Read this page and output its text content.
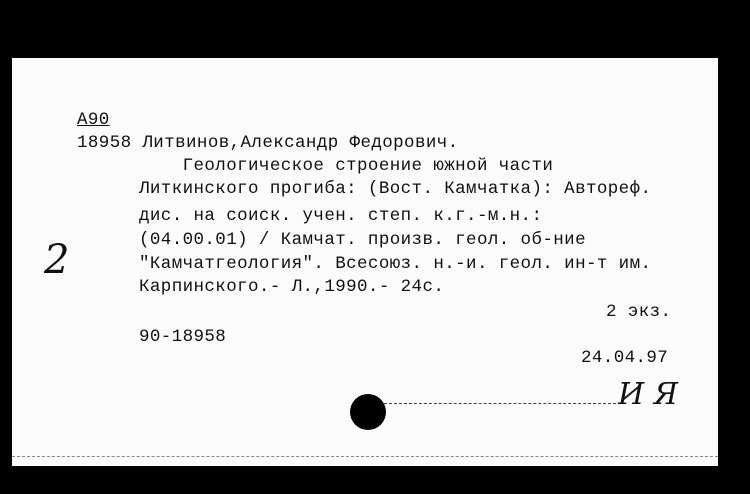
А90
18958 Литвинов,Александр Федорович.
Геологическое строение южной части
Литкинского прогиба: (Вост. Камчатка): Автореф.
дис. на соиск. учен. степ. к.г.-м.н.:
(04.00.01) / Камчат. произв. геол. об-ние
"Камчатгеология". Всесоюз. н.-и. геол. ин-т им.
Карпинского.- Л.,1990.- 24с.
2 экз.
90-18958
24.04.97
2
И Я
